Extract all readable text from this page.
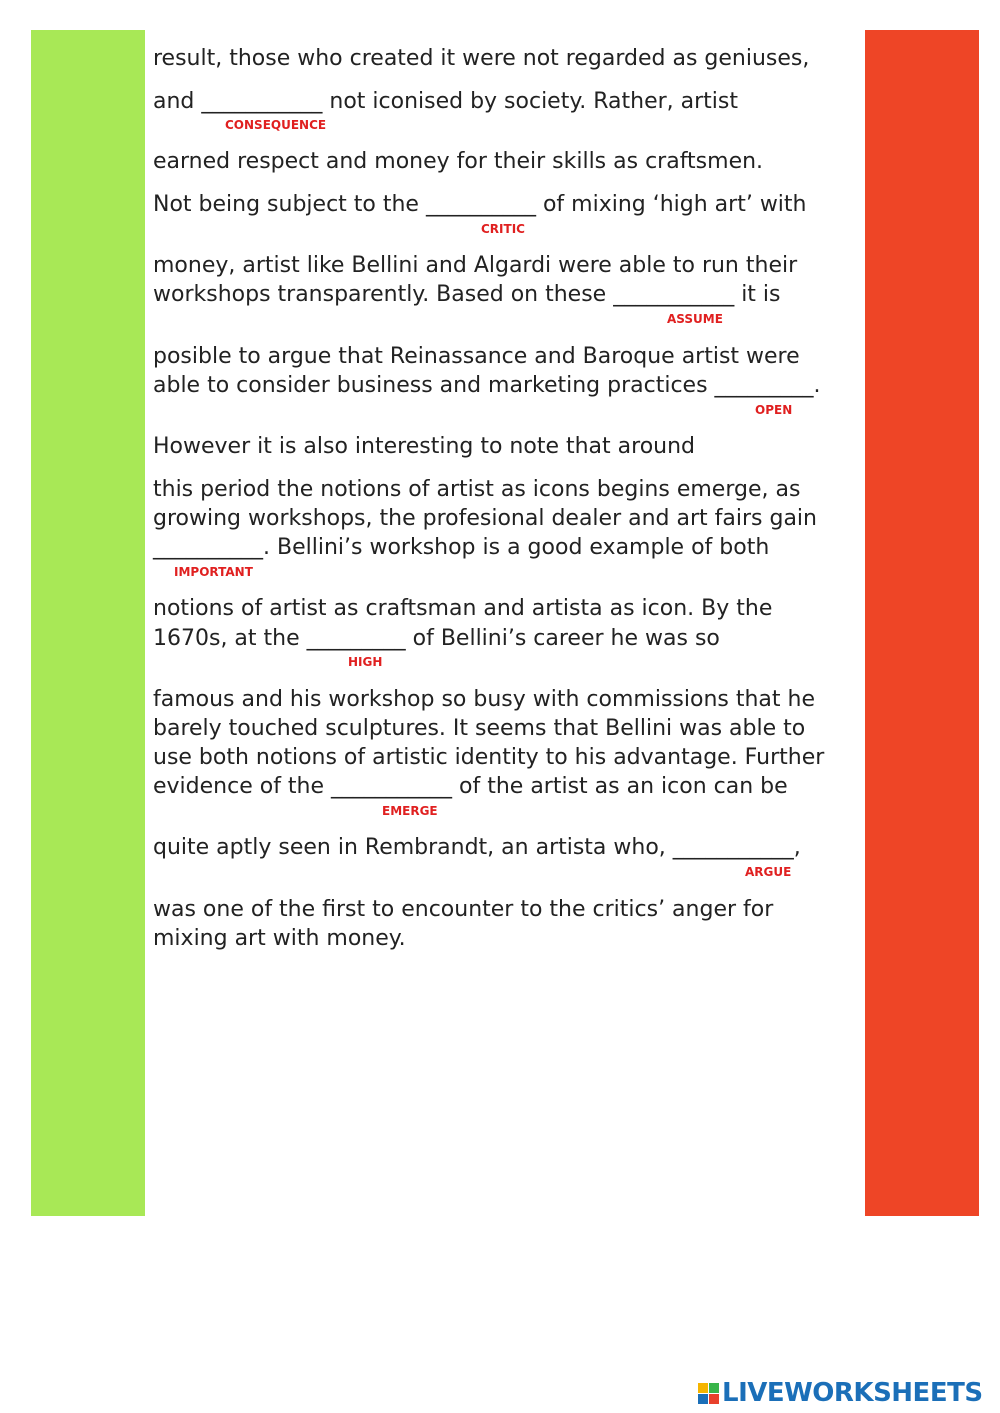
result, those who created it were not regarded as geniuses,

and ___________ not iconised by society. Rather, artist

CONSEQUENCE

earned respect and money for their skills as craftsmen.

Not being subject to the __________ of mixing ‘high art’ with

CRITIC

money, artist like Bellini and Algardi were able to run their

workshops transparently. Based on these ___________ it is

ASSUME

posible to argue that Reinassance and Baroque artist were

able to consider business and marketing practices _________.

OPEN

However it is also interesting to note that around

this period the notions of artist as icons begins emerge, as

growing workshops, the profesional dealer and art fairs gain

__________. Bellini’s workshop is a good example of both

IMPORTANT

notions of artist as craftsman and artista as icon. By the

1670s, at the _________ of Bellini’s career he was so

HIGH

famous and his workshop so busy with commissions that he

barely touched sculptures. It seems that Bellini was able to

use both notions of artistic identity to his advantage. Further

evidence of the ___________ of the artist as an icon can be

EMERGE

quite aptly seen in Rembrandt, an artista who, ___________,

ARGUE

was one of the first to encounter to the critics’ anger for

mixing art with money.

LIVEWORKSHEETS
